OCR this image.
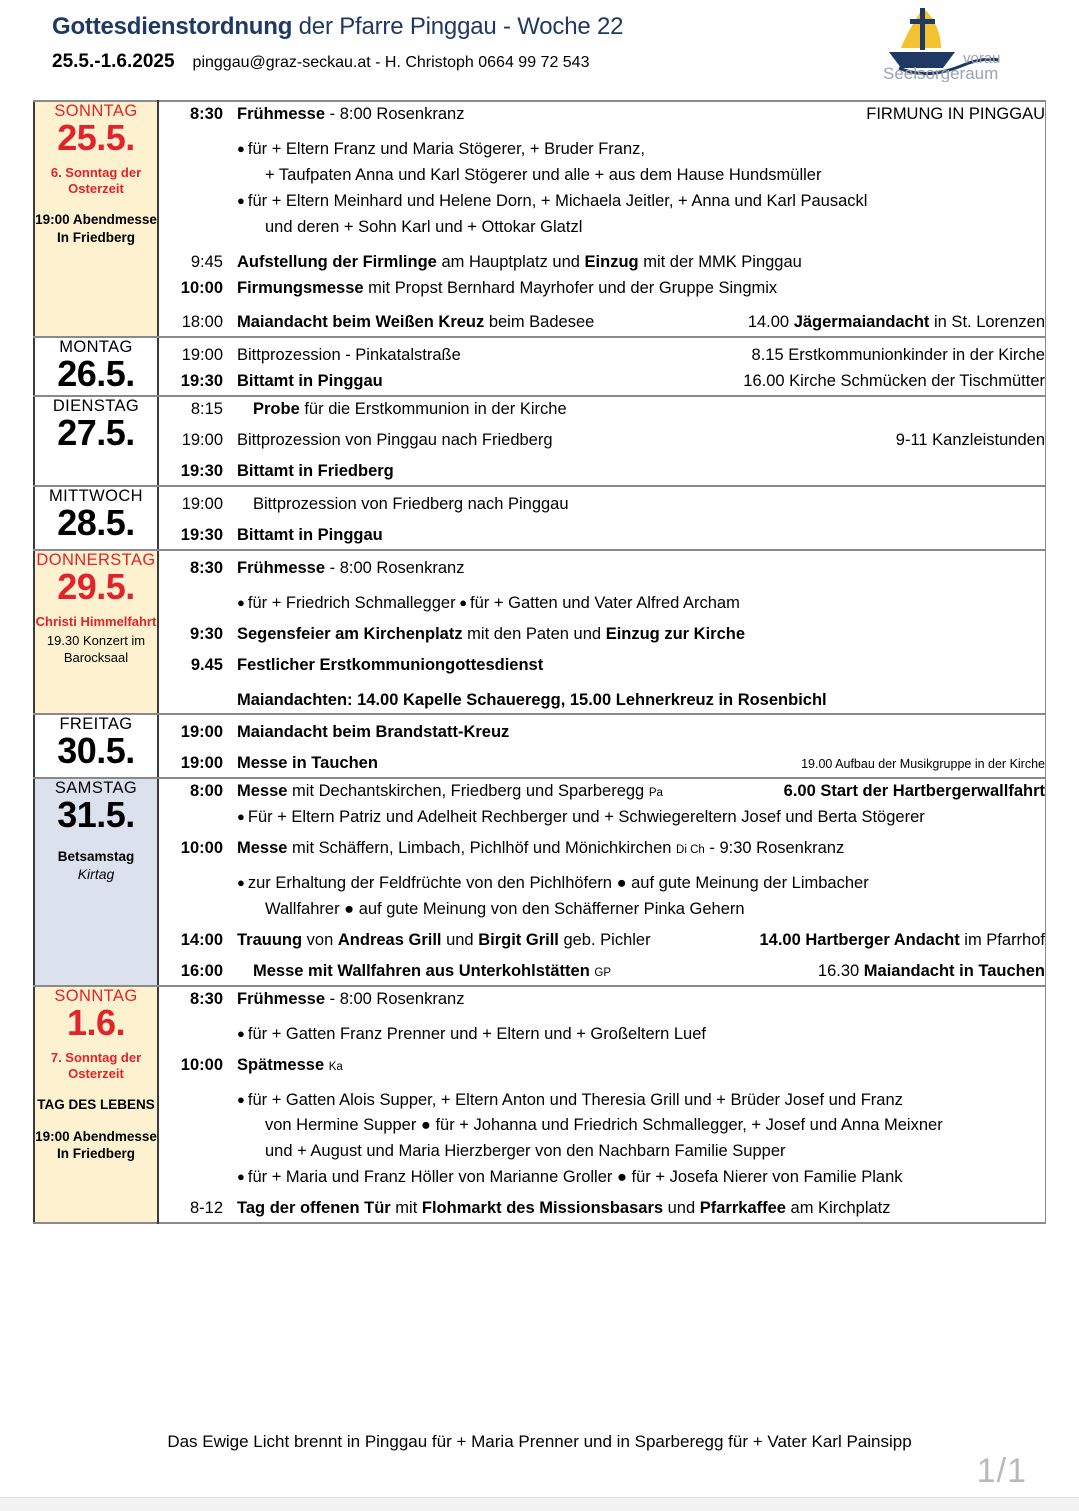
Gottesdienstordnung der Pfarre Pinggau - Woche 22
25.5.-1.6.2025 pinggau@graz-seckau.at - H. Christoph 0664 99 72 543	vorau
Seelsorgeraum
SONNTAG
25.5.
6. Sonntag der Osterzeit
19:00 Abendmesse In Friedberg

8:30 Frühmesse - 8:00 Rosenkranz	FIRMUNG IN PINGGAU
● für + Eltern Franz und Maria Stögerer, + Bruder Franz,
+ Taufpaten Anna und Karl Stögerer und alle + aus dem Hause Hundsmüller
● für + Eltern Meinhard und Helene Dorn, + Michaela Jeitler, + Anna und Karl Pausackl
und deren + Sohn Karl und + Ottokar Glatzl
9:45 Aufstellung der Firmlinge am Hauptplatz und Einzug mit der MMK Pinggau
10:00 Firmungsmesse mit Propst Bernhard Mayrhofer und der Gruppe Singmix
18:00 Maiandacht beim Weißen Kreuz beim Badesee	14.00 Jägermaiandacht in St. Lorenzen

MONTAG
26.5.	19:00 Bittprozession - Pinkatalstraße	8.15 Erstkommunionkinder in der Kirche
19:30 Bittamt in Pinggau	16.00 Kirche Schmücken der Tischmütter

DIENSTAG
27.5.

8:15	Probe für die Erstkommunion in der Kirche
19:00 Bittprozession von Pinggau nach Friedberg	9-11 Kanzleistunden
19:30 Bittamt in Friedberg

MITTWOCH
28.5.	19:00	Bittprozession von Friedberg nach Pinggau
19:30 Bittamt in Pinggau

DONNERSTAG
29.5.
Christi Himmelfahrt
19.30 Konzert im Barocksaal

8:30 Frühmesse - 8:00 Rosenkranz
● für + Friedrich Schmallegger ● für + Gatten und Vater Alfred Archam
9:30 Segensfeier am Kirchenplatz mit den Paten und Einzug zur Kirche
9.45 Festlicher Erstkommuniongottesdienst
Maiandachten: 14.00 Kapelle Schaueregg, 15.00 Lehnerkreuz in Rosenbichl

FREITAG
30.5.	19:00 Maiandacht beim Brandstatt-Kreuz
19:00 Messe in Tauchen	19.00 Aufbau der Musikgruppe in der Kirche

SAMSTAG
31.5.
Betsamstag
Kirtag

8:00 Messe mit Dechantskirchen, Friedberg und Sparberegg Pa	6.00 Start der Hartbergerwallfahrt
● Für + Eltern Patriz und Adelheit Rechberger und + Schwiegereltern Josef und Berta Stögerer
10:00 Messe mit Schäffern, Limbach, Pichlhöf und Mönichkirchen Di Ch - 9:30 Rosenkranz
● zur Erhaltung der Feldfrüchte von den Pichlhöfern ● auf gute Meinung der Limbacher
Wallfahrer ● auf gute Meinung von den Schäfferner Pinka Gehern
14:00 Trauung von Andreas Grill und Birgit Grill geb. Pichler	14.00 Hartberger Andacht im Pfarrhof
16:00	Messe mit Wallfahren aus Unterkohlstätten GP	16.30 Maiandacht in Tauchen

SONNTAG
1.6.
7. Sonntag der Osterzeit
TAG DES LEBENS
19:00 Abendmesse In Friedberg

8:30 Frühmesse - 8:00 Rosenkranz
● für + Gatten Franz Prenner und + Eltern und + Großeltern Luef
10:00 Spätmesse Ka
● für + Gatten Alois Supper, + Eltern Anton und Theresia Grill und + Brüder Josef und Franz
von Hermine Supper ● für + Johanna und Friedrich Schmallegger, + Josef und Anna Meixner
und + August und Maria Hierzberger von den Nachbarn Familie Supper
● für + Maria und Franz Höller von Marianne Groller ● für + Josefa Nierer von Familie Plank
8-12 Tag der offenen Tür mit Flohmarkt des Missionsbasars und Pfarrkaffee am Kirchplatz
Das Ewige Licht brennt in Pinggau für + Maria Prenner und in Sparberegg für + Vater Karl Painsipp
1/1
